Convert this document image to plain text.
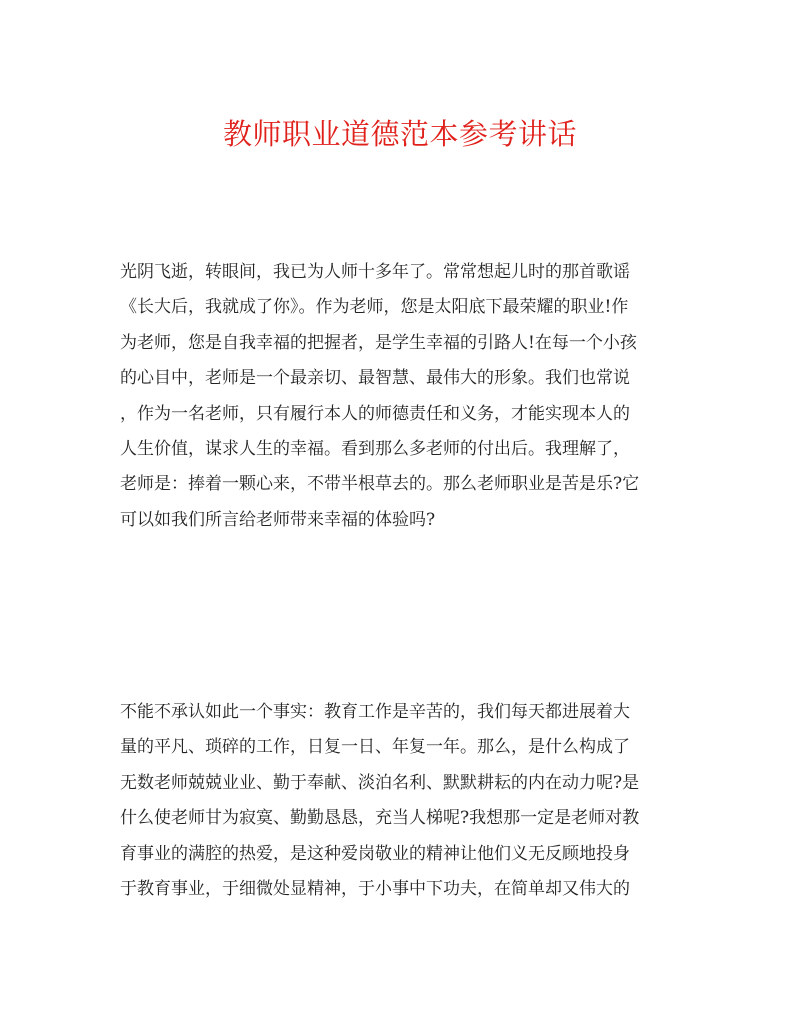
教师职业道德范本参考讲话

光阴飞逝，转眼间，我已为人师十多年了。常常想起儿时的那首歌谣
《长大后，我就成了你》。作为老师，您是太阳底下最荣耀的职业!作
为老师，您是自我幸福的把握者，是学生幸福的引路人!在每一个小孩
的心目中，老师是一个最亲切、最智慧、最伟大的形象。我们也常说
，作为一名老师，只有履行本人的师德责任和义务，才能实现本人的
人生价值，谋求人生的幸福。看到那么多老师的付出后。我理解了，
老师是：捧着一颗心来，不带半根草去的。那么老师职业是苦是乐?它
可以如我们所言给老师带来幸福的体验吗?

不能不承认如此一个事实：教育工作是辛苦的，我们每天都进展着大
量的平凡、琐碎的工作，日复一日、年复一年。那么，是什么构成了
无数老师兢兢业业、勤于奉献、淡泊名利、默默耕耘的内在动力呢?是
什么使老师甘为寂寞、勤勤恳恳，充当人梯呢?我想那一定是老师对教
育事业的满腔的热爱，是这种爱岗敬业的精神让他们义无反顾地投身
于教育事业，于细微处显精神，于小事中下功夫，在简单却又伟大的
